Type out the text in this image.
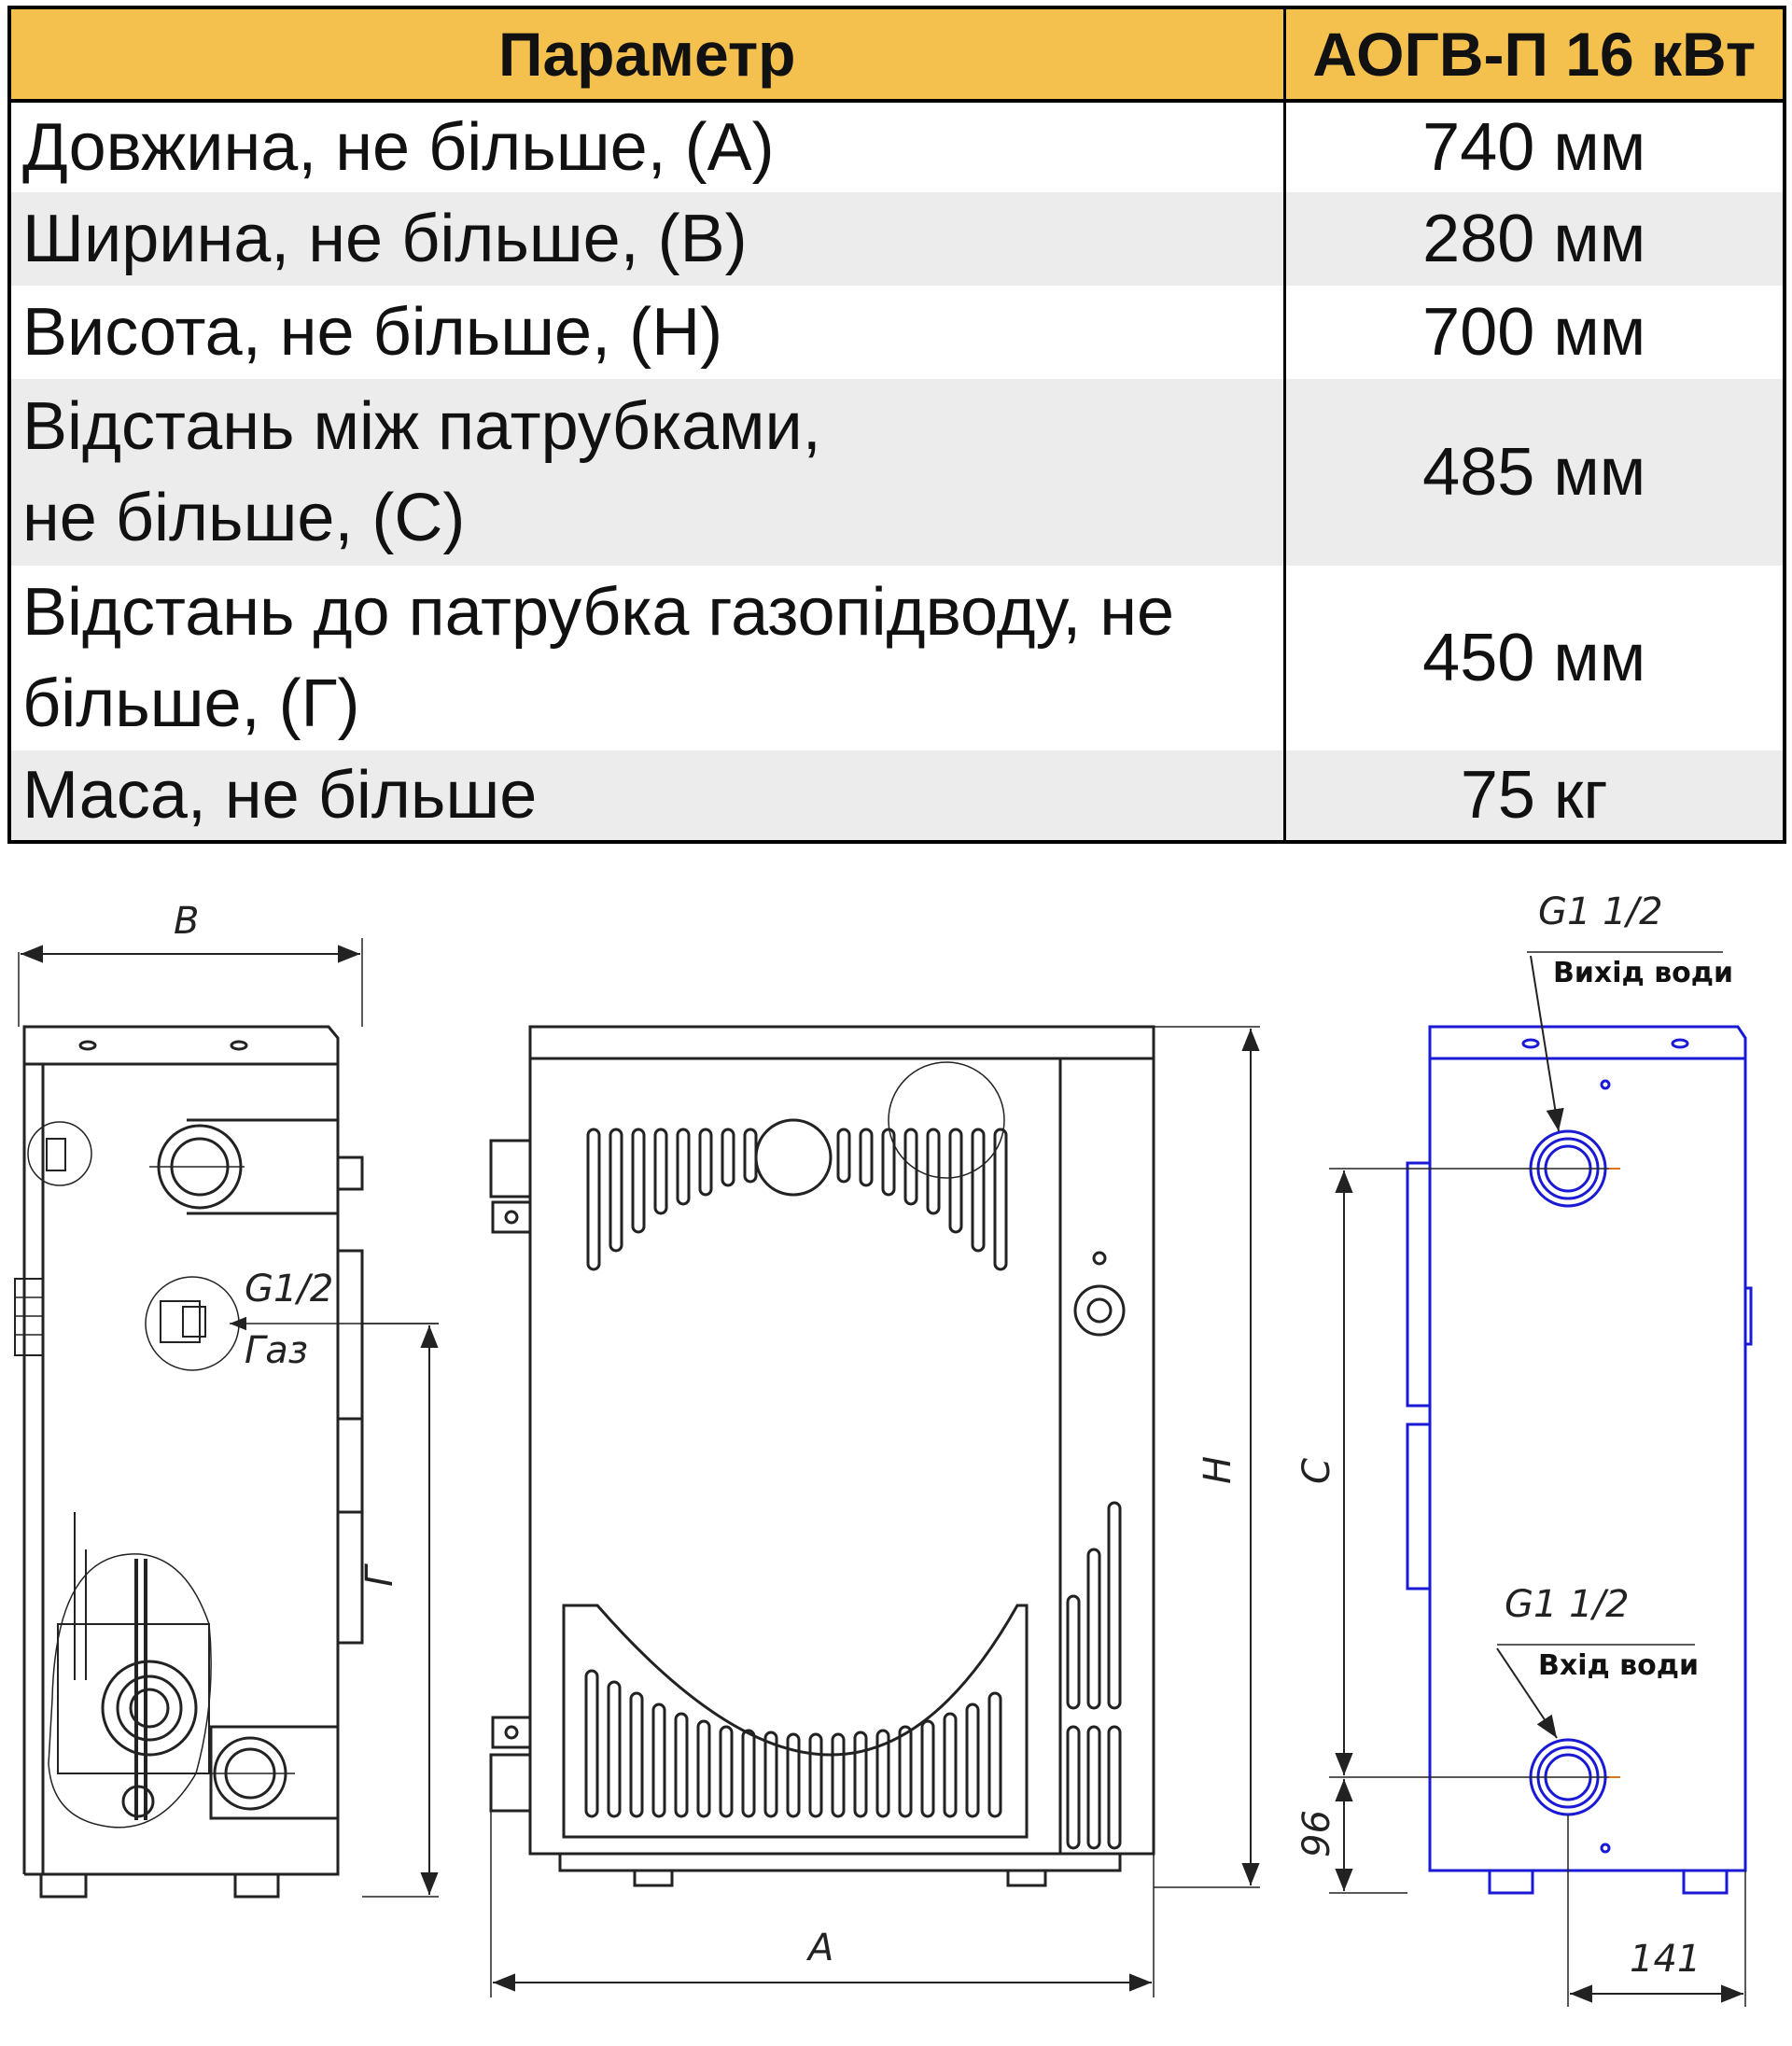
Параметр	АОГВ-П 16 кВт
Довжина, не більше, (А)	740 мм
Ширина, не більше, (В)	280 мм
Висота, не більше, (Н)	700 мм

Відстань між патрубками,
не більше, (С)	485 мм

Відстань до патрубка газопідводу, не
більше, (Г)	450 мм
Маса, не більше	75 кг
B
G1/2
Газ
Г
H
A
G1 1/2
Вихід води
G1 1/2
Вхід води
C
96
141
